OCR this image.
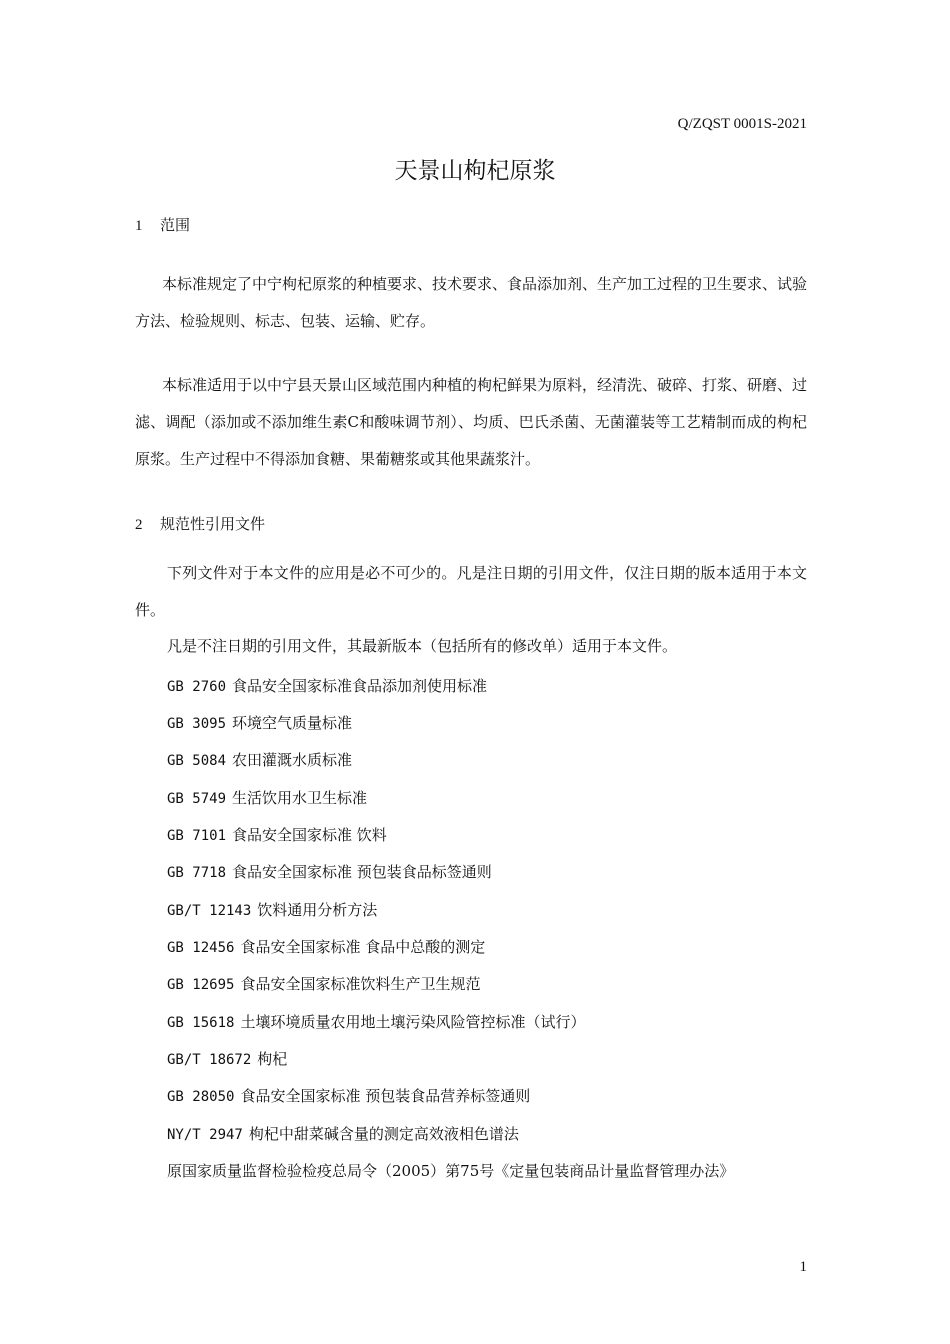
Q/ZQST 0001S-2021
天景山枸杞原浆
1 范围
本标准规定了中宁枸杞原浆的种植要求、技术要求、食品添加剂、生产加工过程的卫生要求、试验方法、检验规则、标志、包装、运输、贮存。
本标准适用于以中宁县天景山区域范围内种植的枸杞鲜果为原料，经清洗、破碎、打浆、研磨、过滤、调配（添加或不添加维生素C和酸味调节剂）、均质、巴氏杀菌、无菌灌装等工艺精制而成的枸杞原浆。生产过程中不得添加食糖、果葡糖浆或其他果蔬浆汁。
2 规范性引用文件
下列文件对于本文件的应用是必不可少的。凡是注日期的引用文件，仅注日期的版本适用于本文件。
凡是不注日期的引用文件，其最新版本（包括所有的修改单）适用于本文件。
GB 2760 食品安全国家标准食品添加剂使用标准
GB 3095 环境空气质量标准
GB 5084 农田灌溉水质标准
GB 5749 生活饮用水卫生标准
GB 7101 食品安全国家标准 饮料
GB 7718 食品安全国家标准 预包装食品标签通则
GB/T 12143 饮料通用分析方法
GB 12456 食品安全国家标准 食品中总酸的测定
GB 12695 食品安全国家标准饮料生产卫生规范
GB 15618 土壤环境质量农用地土壤污染风险管控标准（试行）
GB/T 18672 枸杞
GB 28050 食品安全国家标准 预包装食品营养标签通则
NY/T 2947 枸杞中甜菜碱含量的测定高效液相色谱法
原国家质量监督检验检疫总局令（2005）第75号《定量包装商品计量监督管理办法》
1
